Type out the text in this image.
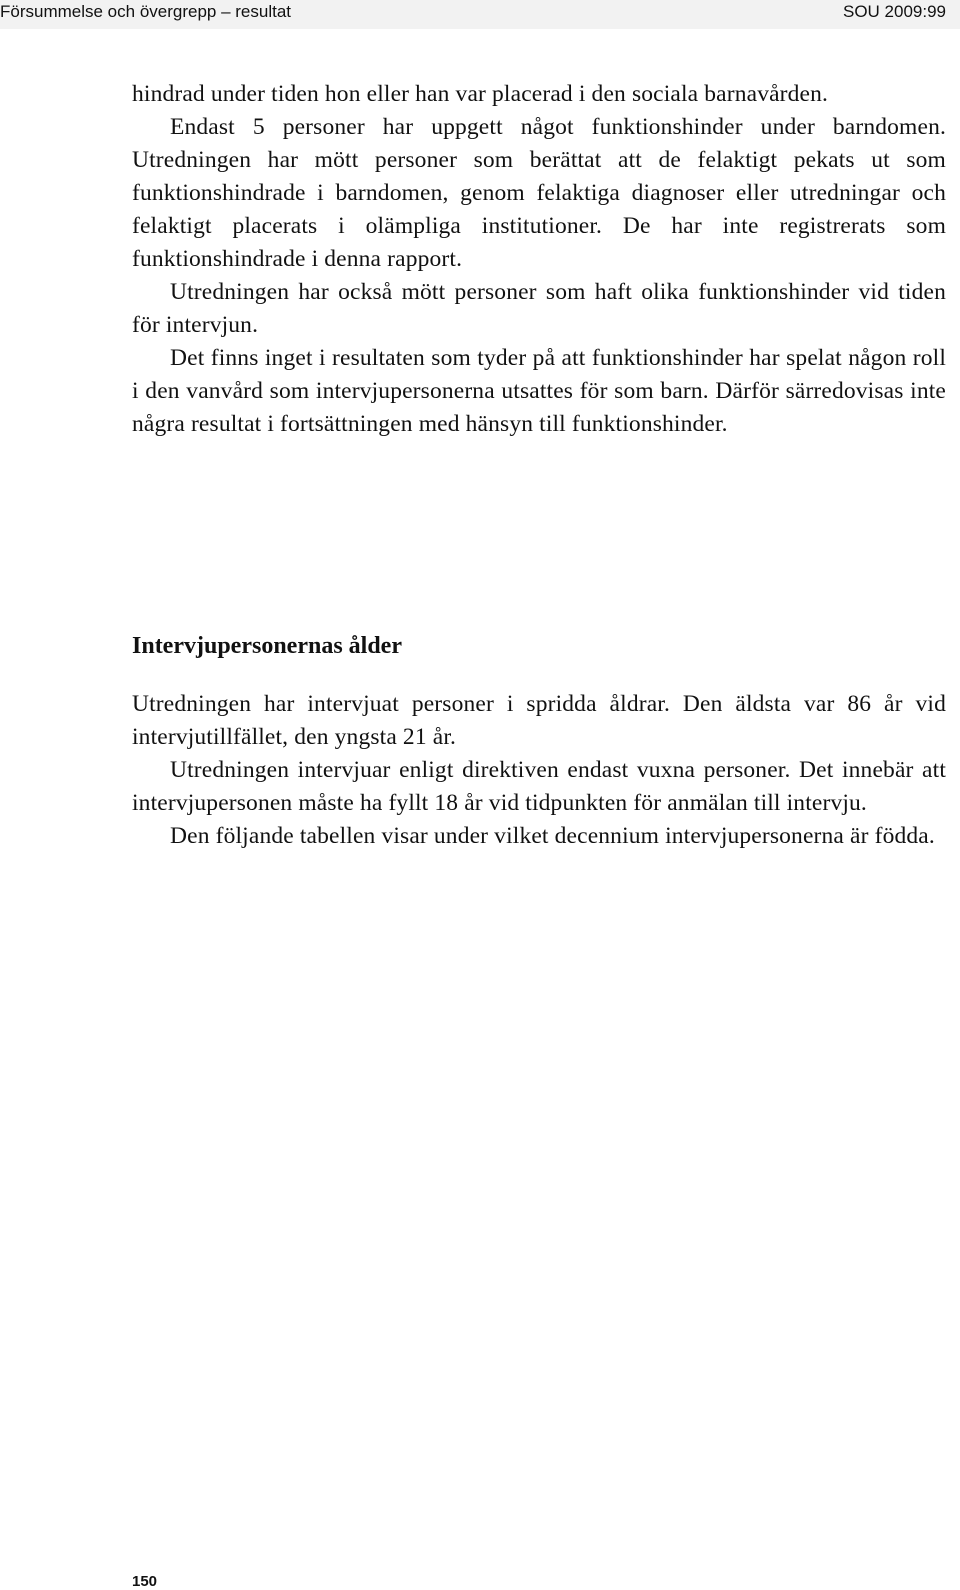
Försummelse och övergrepp – resultat	SOU 2009:99

hindrad under tiden hon eller han var placerad i den sociala barnavården.

Endast 5 personer har uppgett något funktionshinder under barndomen. Utredningen har mött personer som berättat att de felaktigt pekats ut som funktionshindrade i barndomen, genom felaktiga diagnoser eller utredningar och felaktigt placerats i olämpliga institutioner. De har inte registrerats som funktionshindrade i denna rapport.

Utredningen har också mött personer som haft olika funktionshinder vid tiden för intervjun.

Det finns inget i resultaten som tyder på att funktionshinder har spelat någon roll i den vanvård som intervjupersonerna utsattes för som barn. Därför särredovisas inte några resultat i fortsättningen med hänsyn till funktionshinder.

Intervjupersonernas ålder

Utredningen har intervjuat personer i spridda åldrar. Den äldsta var 86 år vid intervjutillfället, den yngsta 21 år.

Utredningen intervjuar enligt direktiven endast vuxna personer. Det innebär att intervjupersonen måste ha fyllt 18 år vid tidpunkten för anmälan till intervju.

Den följande tabellen visar under vilket decennium intervjupersonerna är födda.

150
